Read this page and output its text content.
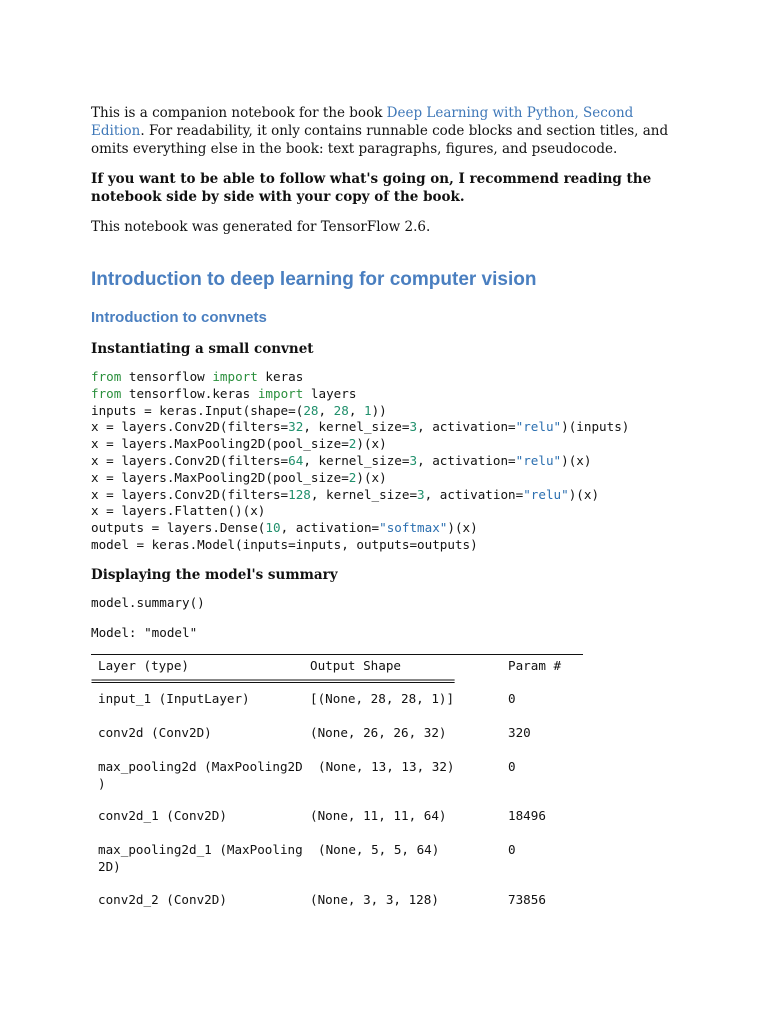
This is a companion notebook for the book Deep Learning with Python, Second Edition. For readability, it only contains runnable code blocks and section titles, and omits everything else in the book: text paragraphs, figures, and pseudocode.

If you want to be able to follow what's going on, I recommend reading the notebook side by side with your copy of the book.

This notebook was generated for TensorFlow 2.6.

Introduction to deep learning for computer vision
Introduction to convnets
Instantiating a small convnet
from tensorflow import keras
from tensorflow.keras import layers
inputs = keras.Input(shape=(28, 28, 1))
x = layers.Conv2D(filters=32, kernel_size=3, activation="relu")(inputs)
x = layers.MaxPooling2D(pool_size=2)(x)
x = layers.Conv2D(filters=64, kernel_size=3, activation="relu")(x)
x = layers.MaxPooling2D(pool_size=2)(x)
x = layers.Conv2D(filters=128, kernel_size=3, activation="relu")(x)
x = layers.Flatten()(x)
outputs = layers.Dense(10, activation="softmax")(x)
model = keras.Model(inputs=inputs, outputs=outputs)
Displaying the model's summary
model.summary()
Model: "model"
Layer (type)	Output Shape	Param #
=================================================================
input_1 (InputLayer)	[(None, 28, 28, 1)]	0
conv2d (Conv2D)	(None, 26, 26, 32)	320
max_pooling2d (MaxPooling2D
)
(None, 13, 13, 32)	0
conv2d_1 (Conv2D)	(None, 11, 11, 64)	18496
max_pooling2d_1 (MaxPooling
2D)
(None, 5, 5, 64)	0
conv2d_2 (Conv2D)	(None, 3, 3, 128)	73856
